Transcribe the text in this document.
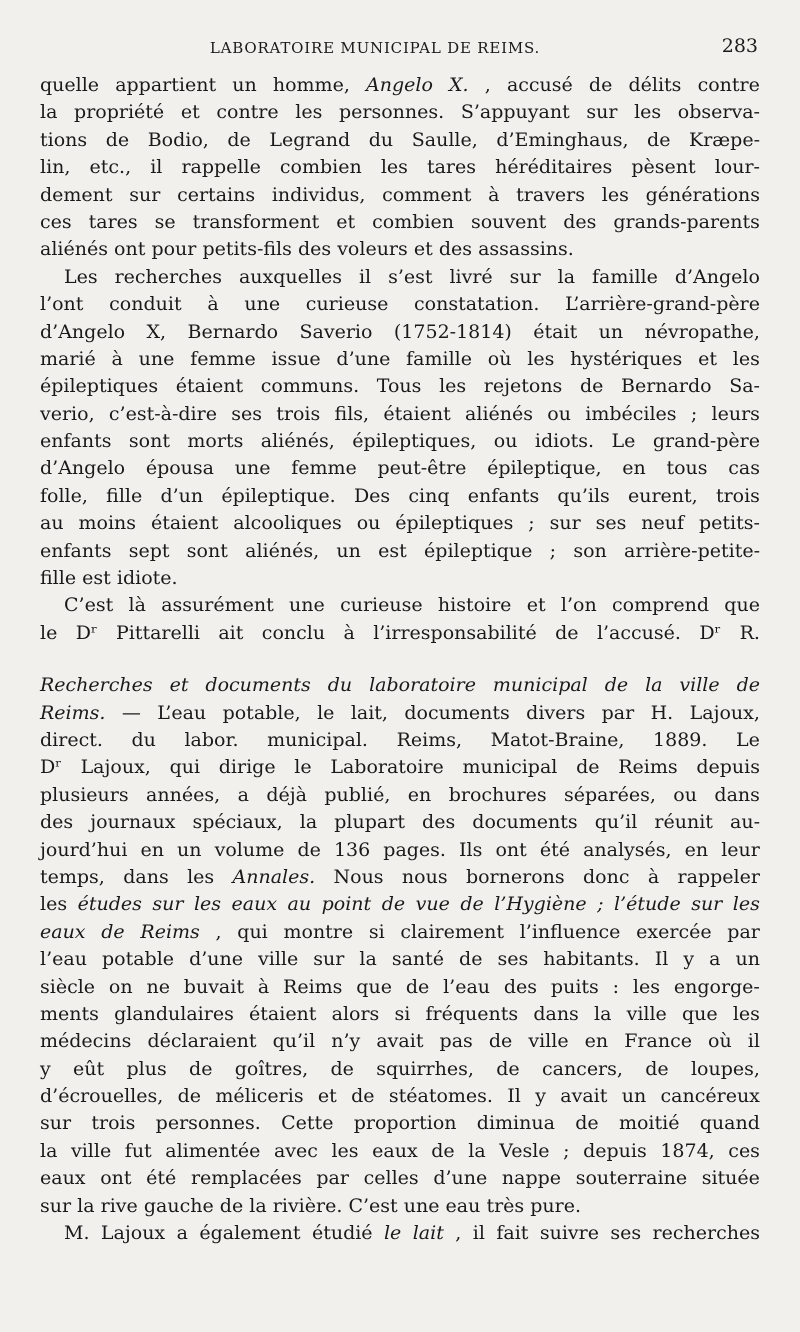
LABORATOIRE MUNICIPAL DE REIMS.	283
quelle appartient un homme, Angelo X. , accusé de délits contre
la propriété et contre les personnes. S’appuyant sur les observa-
tions de Bodio, de Legrand du Saulle, d’Eminghaus, de Kræpe-
lin, etc., il rappelle combien les tares héréditaires pèsent lour-
dement sur certains individus, comment à travers les générations
ces tares se transforment et combien souvent des grands-parents
aliénés ont pour petits-fils des voleurs et des assassins.
Les recherches auxquelles il s’est livré sur la famille d’Angelo
l’ont conduit à une curieuse constatation. L’arrière-grand-père
d’Angelo X, Bernardo Saverio (1752-1814) était un névropathe,
marié à une femme issue d’une famille où les hystériques et les
épileptiques étaient communs. Tous les rejetons de Bernardo Sa-
verio, c’est-à-dire ses trois fils, étaient aliénés ou imbéciles ; leurs
enfants sont morts aliénés, épileptiques, ou idiots. Le grand-père
d’Angelo épousa une femme peut-être épileptique, en tous cas
folle, fille d’un épileptique. Des cinq enfants qu’ils eurent, trois
au moins étaient alcooliques ou épileptiques ; sur ses neuf petits-
enfants sept sont aliénés, un est épileptique ; son arrière-petite-
fille est idiote.
C’est là assurément une curieuse histoire et l’on comprend que
le Dʳ Pittarelli ait conclu à l’irresponsabilité de l’accusé. Dʳ R.
Recherches et documents du laboratoire municipal de la ville de
Reims. — L’eau potable, le lait, documents divers par H. Lajoux,
direct. du labor. municipal. Reims, Matot-Braine, 1889. Le
Dʳ Lajoux, qui dirige le Laboratoire municipal de Reims depuis
plusieurs années, a déjà publié, en brochures séparées, ou dans
des journaux spéciaux, la plupart des documents qu’il réunit au-
jourd’hui en un volume de 136 pages. Ils ont été analysés, en leur
temps, dans les Annales. Nous nous bornerons donc à rappeler
les études sur les eaux au point de vue de l’Hygiène ; l’étude sur les
eaux de Reims , qui montre si clairement l’influence exercée par
l’eau potable d’une ville sur la santé de ses habitants. Il y a un
siècle on ne buvait à Reims que de l’eau des puits : les engorge-
ments glandulaires étaient alors si fréquents dans la ville que les
médecins déclaraient qu’il n’y avait pas de ville en France où il
y eût plus de goîtres, de squirrhes, de cancers, de loupes,
d’écrouelles, de méliceris et de stéatomes. Il y avait un cancéreux
sur trois personnes. Cette proportion diminua de moitié quand
la ville fut alimentée avec les eaux de la Vesle ; depuis 1874, ces
eaux ont été remplacées par celles d’une nappe souterraine située
sur la rive gauche de la rivière. C’est une eau très pure.
M. Lajoux a également étudié le lait , il fait suivre ses recherches
